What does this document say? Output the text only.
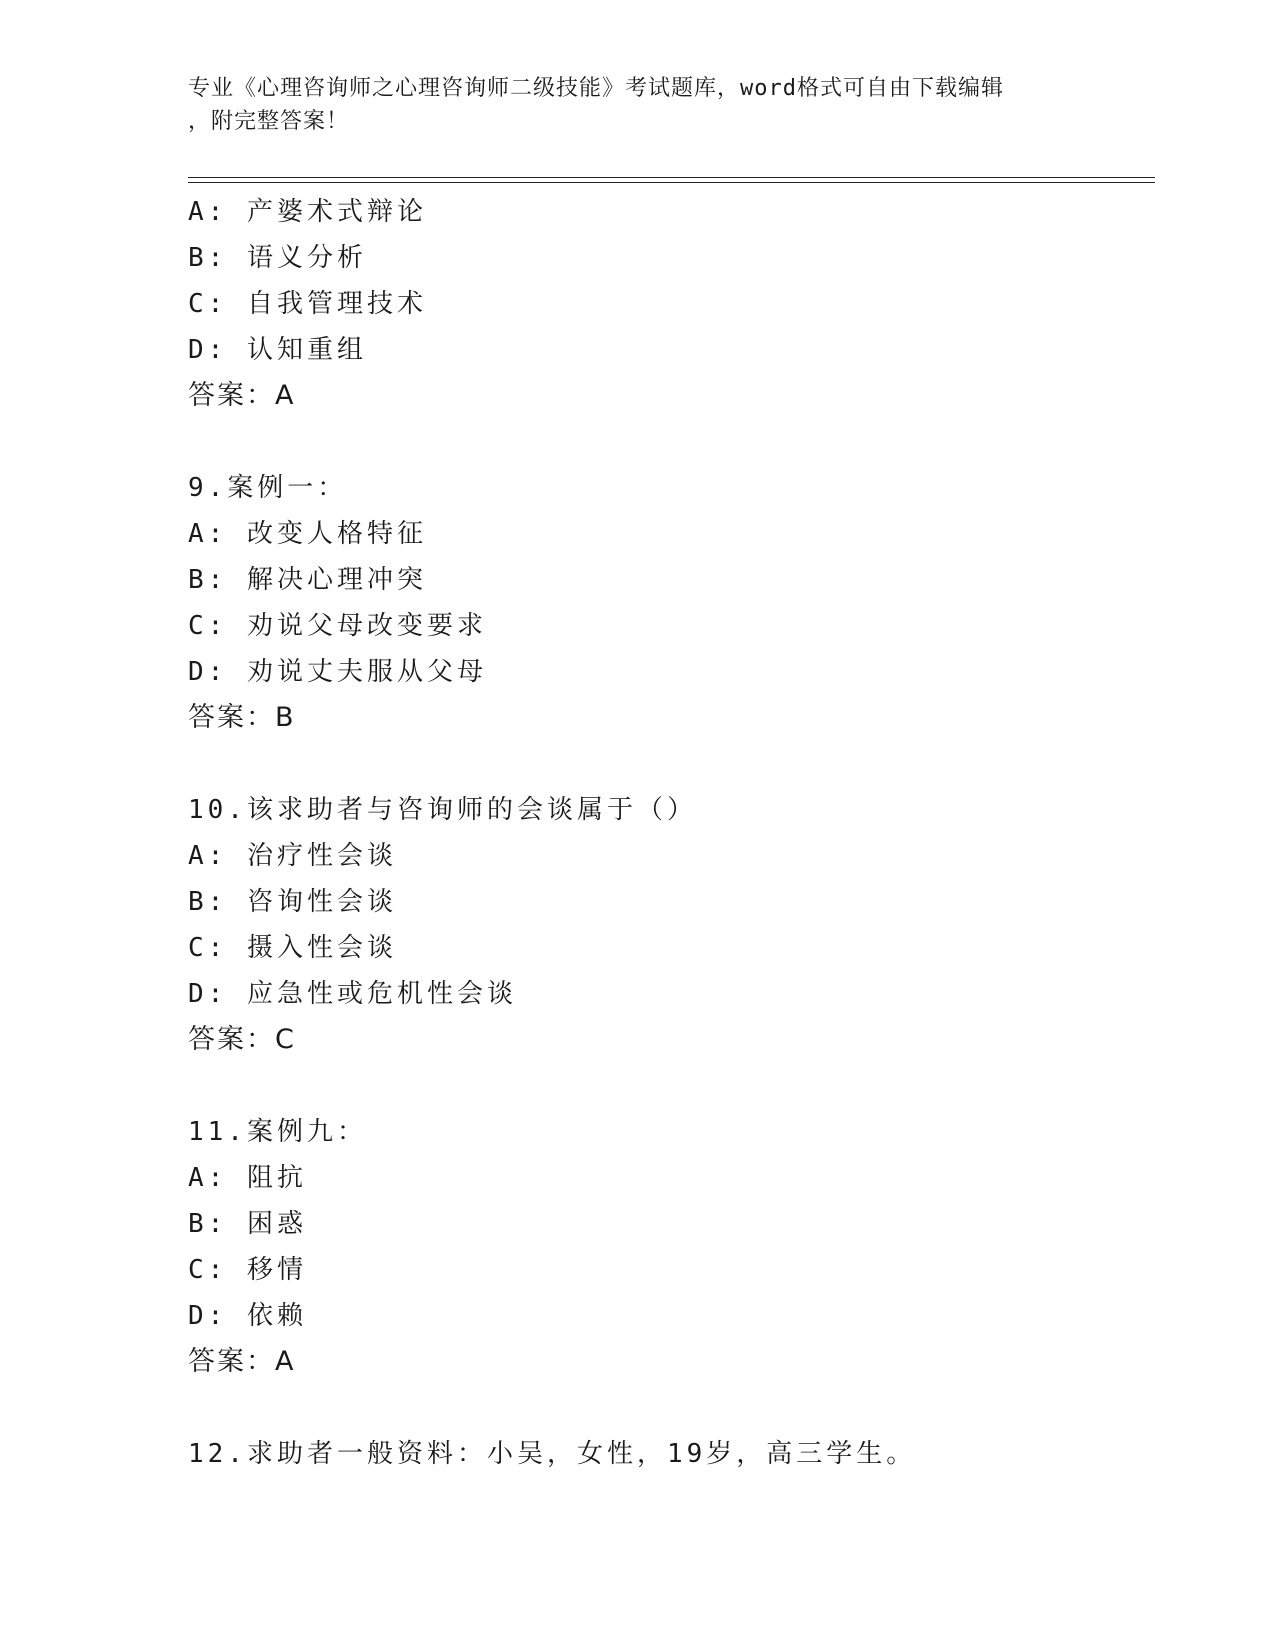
专业《心理咨询师之心理咨询师二级技能》考试题库，word格式可自由下载编辑
，附完整答案！
A: 产婆术式辩论
B: 语义分析
C: 自我管理技术
D: 认知重组
答案：A
9.案例一：
A: 改变人格特征
B: 解决心理冲突
C: 劝说父母改变要求
D: 劝说丈夫服从父母
答案：B
10.该求助者与咨询师的会谈属于（）
A: 治疗性会谈
B: 咨询性会谈
C: 摄入性会谈
D: 应急性或危机性会谈
答案：C
11.案例九：
A: 阻抗
B: 困惑
C: 移情
D: 依赖
答案：A
12.求助者一般资料：小吴，女性，19岁，高三学生。
